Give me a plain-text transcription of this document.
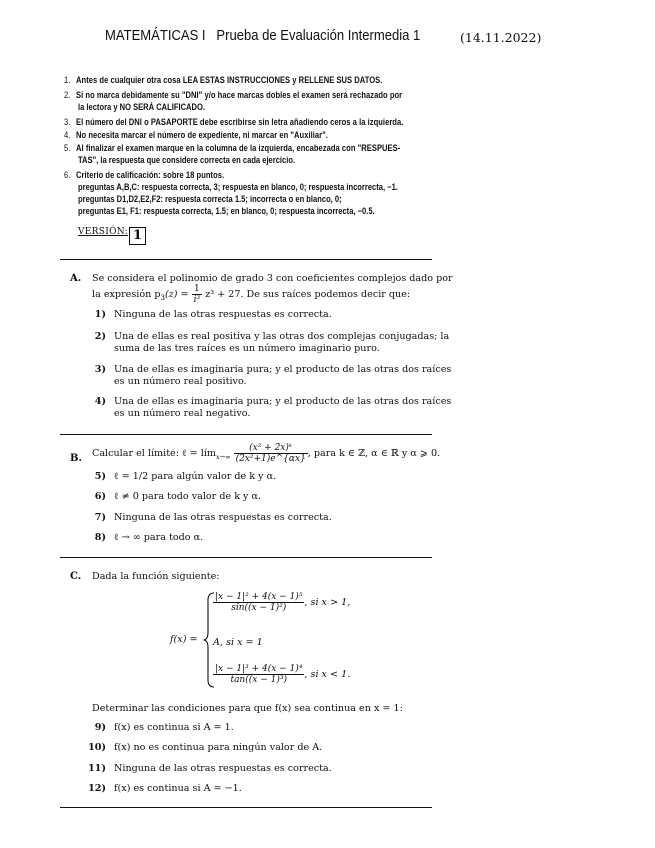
MATEMÁTICAS I Prueba de Evaluación Intermedia 1	(14.11.2022)
1. Antes de cualquier otra cosa LEA ESTAS INSTRUCCIONES y RELLENE SUS DATOS.
2. Si no marca debidamente su "DNI" y/o hace marcas dobles el examen será rechazado por
la lectora y NO SERÁ CALIFICADO.
3. El número del DNI o PASAPORTE debe escribirse sin letra añadiendo ceros a la izquierda.
4. No necesita marcar el número de expediente, ni marcar en "Auxiliar".
5. Al finalizar el examen marque en la columna de la izquierda, encabezada con "RESPUES-
TAS", la respuesta que considere correcta en cada ejercicio.
6. Criterio de calificación: sobre 18 puntos.
preguntas A,B,C: respuesta correcta, 3; respuesta en blanco, 0; respuesta incorrecta, −1.
preguntas D1,D2,E2,F2: respuesta correcta 1.5; incorrecta o en blanco, 0;
preguntas E1, F1: respuesta correcta, 1.5; en blanco, 0; respuesta incorrecta, −0.5.
VERSIÓN: 1
A. Se considera el polinomio de grado 3 con coeficientes complejos dado por
la expresión $p_3(z) = \frac{1}{\text{i³}} z^3 + 27$. De sus raíces podemos decir que:
1) Ninguna de las otras respuestas es correcta.
2) Una de ellas es real positiva y las otras dos complejas conjugadas; la
suma de las tres raíces es un número imaginario puro.
3) Una de ellas es imaginaria pura; y el producto de las otras dos raíces
es un número real positivo.
4) Una de ellas es imaginaria pura; y el producto de las otras dos raíces
es un número real negativo.
B. Calcular el límite: ℓ = lím$_{x\to\infty}$ $\frac{\text{(x² + 2x)ᵏ}}{\text{(2x²+1)e\textasciicircum{}\{αx\}}}$ , para k ∈ ℤ, α ∈ ℝ y α ⩾ 0.
5) ℓ = 1/2 para algún valor de k y α.
6) ℓ ≠ 0 para todo valor de k y α.
7) Ninguna de las otras respuestas es correcta.
8) ℓ → ∞ para todo α.
C. Dada la función siguiente:
f(x) =
$\frac{\text{|x − 1|² + 4(x − 1)⁵}}{\text{sin((x − 1)²)}}$ , si x > 1,
A, si x = 1
$\frac{\text{|x − 1|³ + 4(x − 1)⁴}}{\text{tan((x − 1)³)}}$ , si x < 1.
Determinar las condiciones para que f(x) sea continua en x = 1:
9) f(x) es continua si A = 1.
10) f(x) no es continua para ningún valor de A.
11) Ninguna de las otras respuestas es correcta.
12) f(x) es continua si A = −1.
